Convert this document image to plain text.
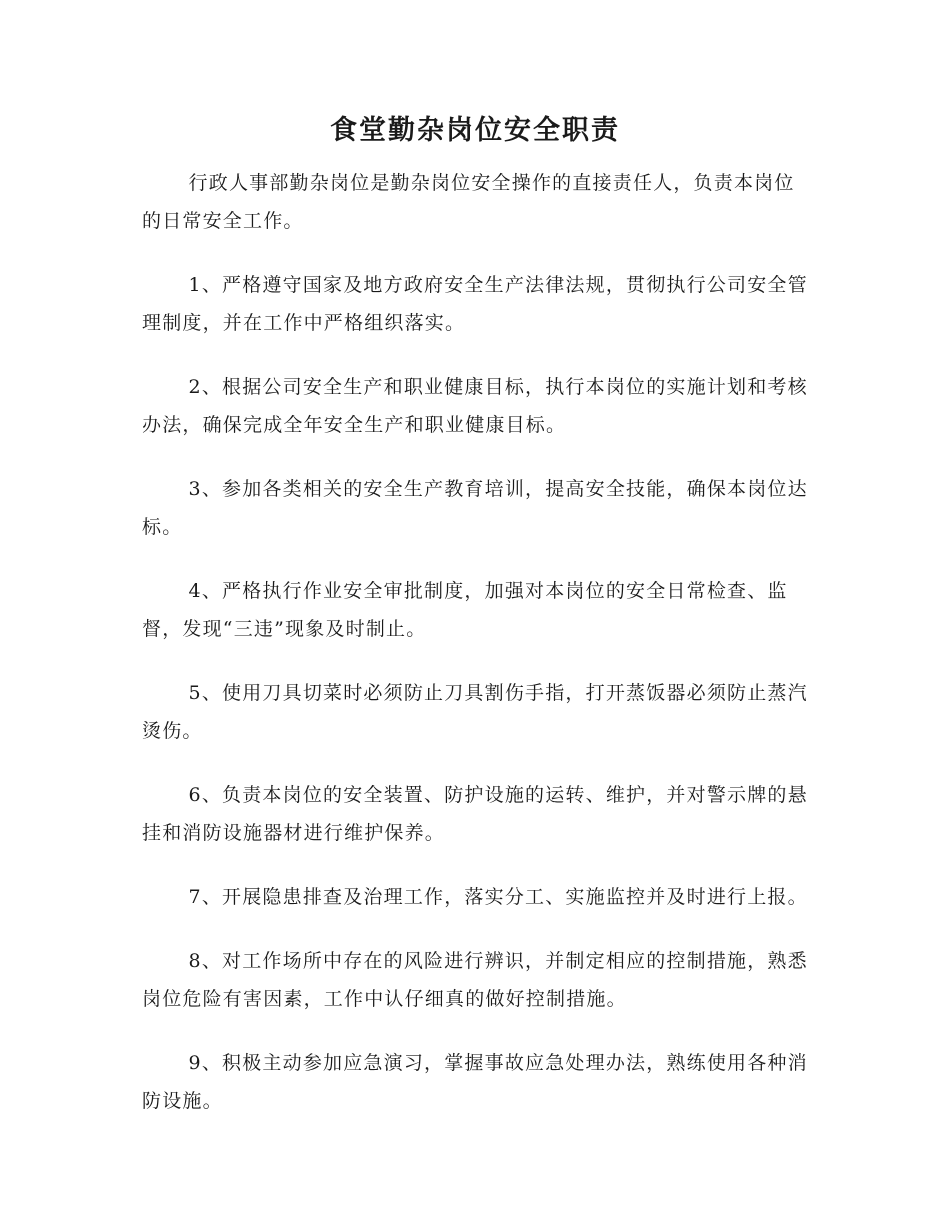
食堂勤杂岗位安全职责

行政人事部勤杂岗位是勤杂岗位安全操作的直接责任人，负责本岗位的日常安全工作。

1、严格遵守国家及地方政府安全生产法律法规，贯彻执行公司安全管理制度，并在工作中严格组织落实。

2、根据公司安全生产和职业健康目标，执行本岗位的实施计划和考核办法，确保完成全年安全生产和职业健康目标。

3、参加各类相关的安全生产教育培训，提高安全技能，确保本岗位达标。

4、严格执行作业安全审批制度，加强对本岗位的安全日常检查、监督，发现“三违”现象及时制止。

5、使用刀具切菜时必须防止刀具割伤手指，打开蒸饭器必须防止蒸汽烫伤。

6、负责本岗位的安全装置、防护设施的运转、维护，并对警示牌的悬挂和消防设施器材进行维护保养。

7、开展隐患排查及治理工作，落实分工、实施监控并及时进行上报。

8、对工作场所中存在的风险进行辨识，并制定相应的控制措施，熟悉岗位危险有害因素，工作中认仔细真的做好控制措施。

9、积极主动参加应急演习，掌握事故应急处理办法，熟练使用各种消防设施。
